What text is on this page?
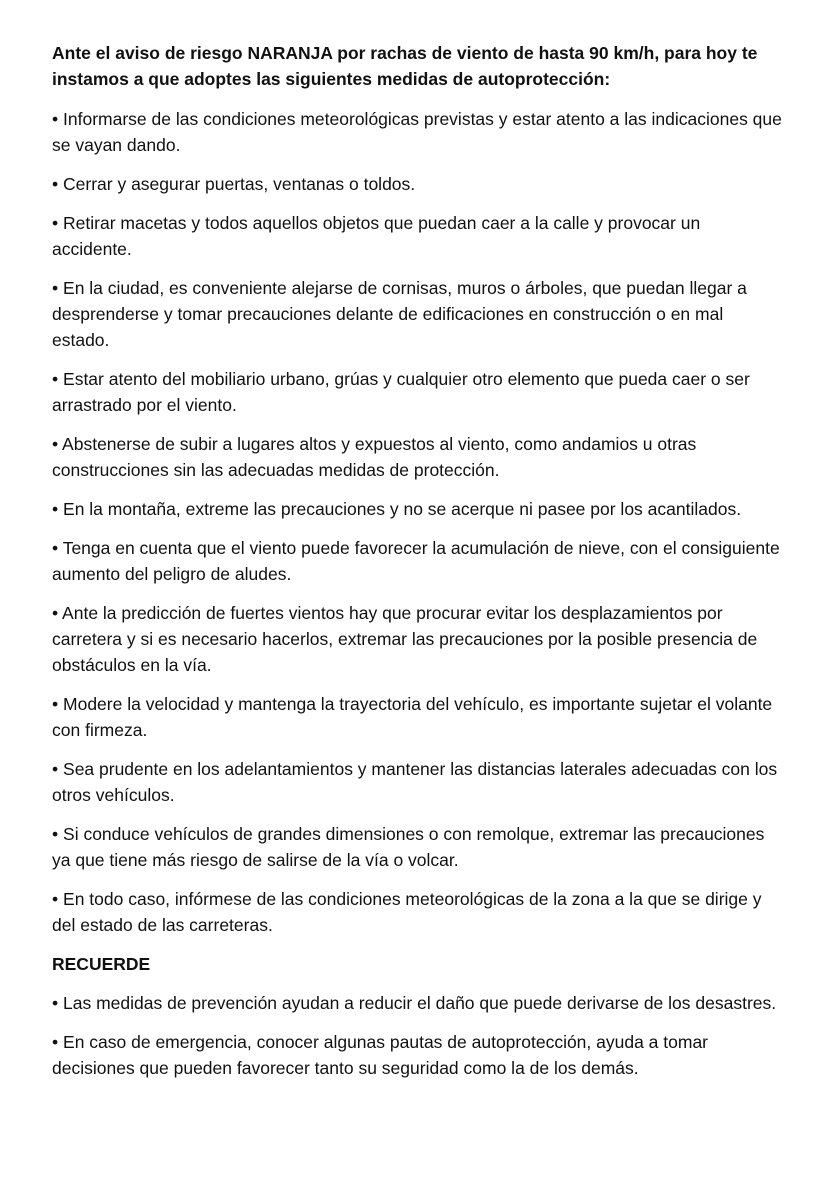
Ante el aviso de riesgo NARANJA por rachas de viento de hasta 90 km/h, para hoy te instamos a que adoptes las siguientes medidas de autoprotección:

• Informarse de las condiciones meteorológicas previstas y estar atento a las indicaciones que se vayan dando.

• Cerrar y asegurar puertas, ventanas o toldos.

• Retirar macetas y todos aquellos objetos que puedan caer a la calle y provocar un accidente.

• En la ciudad, es conveniente alejarse de cornisas, muros o árboles, que puedan llegar a desprenderse y tomar precauciones delante de edificaciones en construcción o en mal estado.

• Estar atento del mobiliario urbano, grúas y cualquier otro elemento que pueda caer o ser arrastrado por el viento.

• Abstenerse de subir a lugares altos y expuestos al viento, como andamios u otras construcciones sin las adecuadas medidas de protección.

• En la montaña, extreme las precauciones y no se acerque ni pasee por los acantilados.

• Tenga en cuenta que el viento puede favorecer la acumulación de nieve, con el consiguiente aumento del peligro de aludes.

• Ante la predicción de fuertes vientos hay que procurar evitar los desplazamientos por carretera y si es necesario hacerlos, extremar las precauciones por la posible presencia de obstáculos en la vía.

• Modere la velocidad y mantenga la trayectoria del vehículo, es importante sujetar el volante con firmeza.

• Sea prudente en los adelantamientos y mantener las distancias laterales adecuadas con los otros vehículos.

• Si conduce vehículos de grandes dimensiones o con remolque, extremar las precauciones ya que tiene más riesgo de salirse de la vía o volcar.

• En todo caso, infórmese de las condiciones meteorológicas de la zona a la que se dirige y del estado de las carreteras.

RECUERDE

• Las medidas de prevención ayudan a reducir el daño que puede derivarse de los desastres.

• En caso de emergencia, conocer algunas pautas de autoprotección, ayuda a tomar decisiones que pueden favorecer tanto su seguridad como la de los demás.
